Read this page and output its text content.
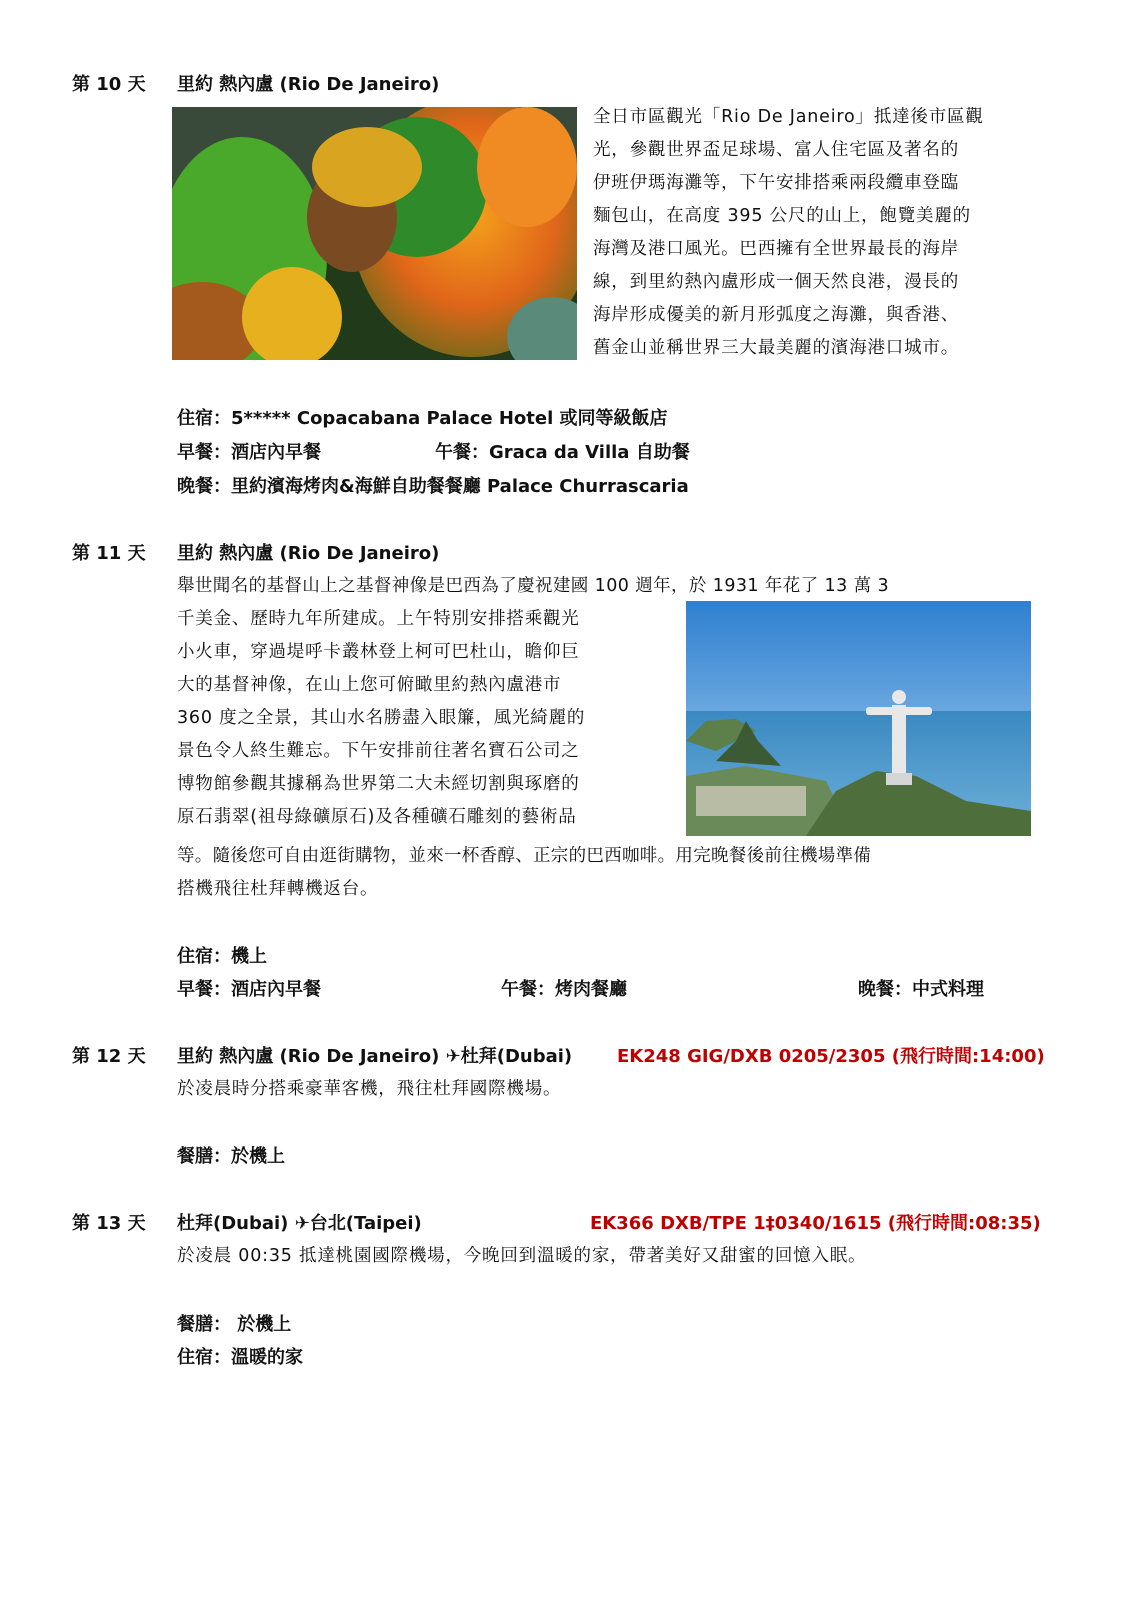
第 10 天 里約 熱內盧 (Rio De Janeiro)
全日市區觀光「Rio De Janeiro」抵達後市區觀
光，參觀世界盃足球場、富人住宅區及著名的
伊班伊瑪海灘等，下午安排搭乘兩段纜車登臨
麵包山，在高度 395 公尺的山上，飽覽美麗的
海灣及港口風光。巴西擁有全世界最長的海岸
線，到里約熱內盧形成一個天然良港，漫長的
海岸形成優美的新月形弧度之海灘，與香港、
舊金山並稱世界三大最美麗的濱海港口城市。
住宿：5***** Copacabana Palace Hotel 或同等級飯店
早餐：酒店內早餐	午餐：Graca da Villa 自助餐
晚餐：里約濱海烤肉&海鮮自助餐餐廳 Palace Churrascaria
第 11 天 里約 熱內盧 (Rio De Janeiro)
舉世聞名的基督山上之基督神像是巴西為了慶祝建國 100 週年，於 1931 年花了 13 萬 3
千美金、歷時九年所建成。上午特別安排搭乘觀光
小火車，穿過堤呼卡叢林登上柯可巴杜山，瞻仰巨
大的基督神像，在山上您可俯瞰里約熱內盧港市
360 度之全景，其山水名勝盡入眼簾，風光綺麗的
景色令人終生難忘。下午安排前往著名寶石公司之
博物館參觀其據稱為世界第二大未經切割與琢磨的
原石翡翠(祖母綠礦原石)及各種礦石雕刻的藝術品
等。隨後您可自由逛街購物，並來一杯香醇、正宗的巴西咖啡。用完晚餐後前往機場準備
搭機飛往杜拜轉機返台。
住宿：機上
早餐：酒店內早餐	午餐：烤肉餐廳	晚餐：中式料理
第 12 天 里約 熱內盧 (Rio De Janeiro) ✈杜拜(Dubai) EK248 GIG/DXB 0205/2305 (飛行時間:14:00)
於凌晨時分搭乘豪華客機，飛往杜拜國際機場。
餐膳：於機上
第 13 天 杜拜(Dubai) ✈台北(Taipei)	EK366 DXB/TPE 1‡0340/1615 (飛行時間:08:35)
於凌晨 00:35 抵達桃園國際機場，今晚回到溫暖的家，帶著美好又甜蜜的回憶入眠。
餐膳： 於機上
住宿：溫暖的家
